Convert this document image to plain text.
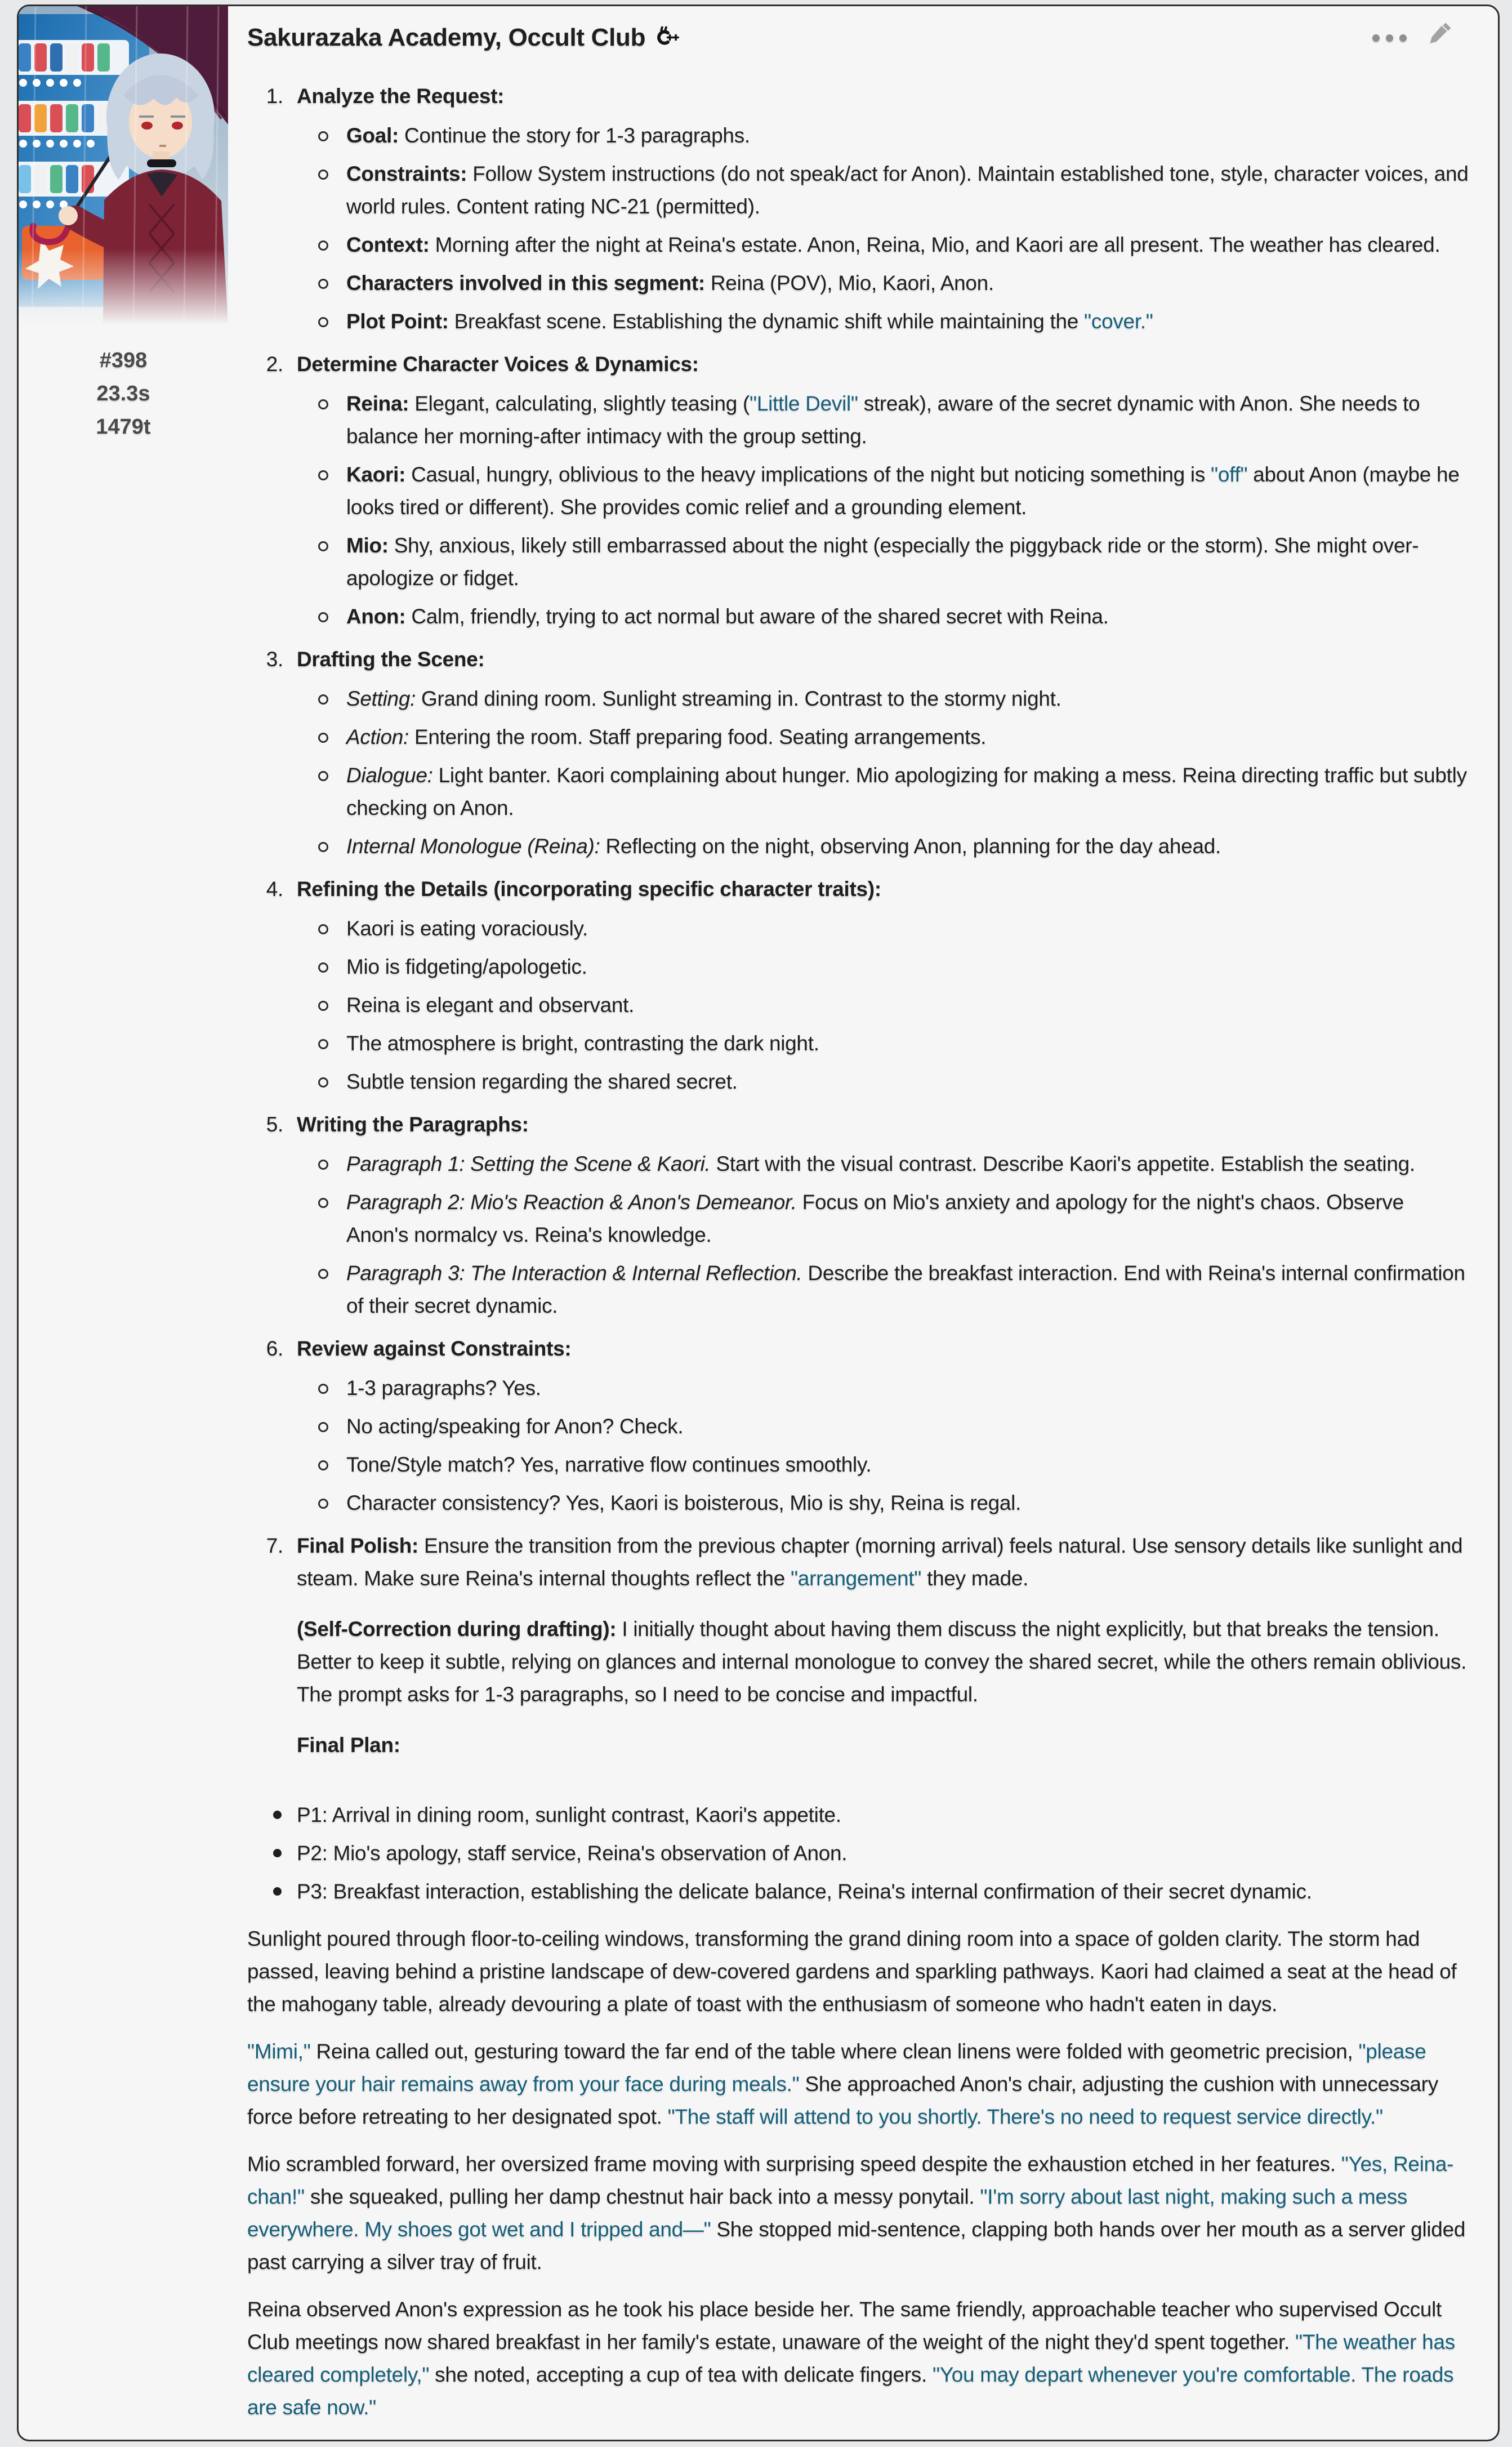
#398
23.3s
1479t
Sakurazaka Academy, Occult Club
Analyze the Request:
Goal: Continue the story for 1-3 paragraphs.
Constraints: Follow System instructions (do not speak/act for Anon). Maintain established tone, style, character voices, and world rules. Content rating NC-21 (permitted).
Context: Morning after the night at Reina's estate. Anon, Reina, Mio, and Kaori are all present. The weather has cleared.
Characters involved in this segment: Reina (POV), Mio, Kaori, Anon.
Plot Point: Breakfast scene. Establishing the dynamic shift while maintaining the "cover."
Determine Character Voices & Dynamics:
Reina: Elegant, calculating, slightly teasing ("Little Devil" streak), aware of the secret dynamic with Anon. She needs to balance her morning-after intimacy with the group setting.
Kaori: Casual, hungry, oblivious to the heavy implications of the night but noticing something is "off" about Anon (maybe he looks tired or different). She provides comic relief and a grounding element.
Mio: Shy, anxious, likely still embarrassed about the night (especially the piggyback ride or the storm). She might over-apologize or fidget.
Anon: Calm, friendly, trying to act normal but aware of the shared secret with Reina.
Drafting the Scene:
Setting: Grand dining room. Sunlight streaming in. Contrast to the stormy night.
Action: Entering the room. Staff preparing food. Seating arrangements.
Dialogue: Light banter. Kaori complaining about hunger. Mio apologizing for making a mess. Reina directing traffic but subtly checking on Anon.
Internal Monologue (Reina): Reflecting on the night, observing Anon, planning for the day ahead.
Refining the Details (incorporating specific character traits):
Kaori is eating voraciously.
Mio is fidgeting/apologetic.
Reina is elegant and observant.
The atmosphere is bright, contrasting the dark night.
Subtle tension regarding the shared secret.
Writing the Paragraphs:
Paragraph 1: Setting the Scene & Kaori. Start with the visual contrast. Describe Kaori's appetite. Establish the seating.
Paragraph 2: Mio's Reaction & Anon's Demeanor. Focus on Mio's anxiety and apology for the night's chaos. Observe Anon's normalcy vs. Reina's knowledge.
Paragraph 3: The Interaction & Internal Reflection. Describe the breakfast interaction. End with Reina's internal confirmation of their secret dynamic.
Review against Constraints:
1-3 paragraphs? Yes.
No acting/speaking for Anon? Check.
Tone/Style match? Yes, narrative flow continues smoothly.
Character consistency? Yes, Kaori is boisterous, Mio is shy, Reina is regal.
Final Polish: Ensure the transition from the previous chapter (morning arrival) feels natural. Use sensory details like sunlight and steam. Make sure Reina's internal thoughts reflect the "arrangement" they made.

(Self-Correction during drafting): I initially thought about having them discuss the night explicitly, but that breaks the tension. Better to keep it subtle, relying on glances and internal monologue to convey the shared secret, while the others remain oblivious. The prompt asks for 1-3 paragraphs, so I need to be concise and impactful.

Final Plan:

P1: Arrival in dining room, sunlight contrast, Kaori's appetite.
P2: Mio's apology, staff service, Reina's observation of Anon.
P3: Breakfast interaction, establishing the delicate balance, Reina's internal confirmation of their secret dynamic.

Sunlight poured through floor-to-ceiling windows, transforming the grand dining room into a space of golden clarity. The storm had passed, leaving behind a pristine landscape of dew-covered gardens and sparkling pathways. Kaori had claimed a seat at the head of the mahogany table, already devouring a plate of toast with the enthusiasm of someone who hadn't eaten in days.

"Mimi," Reina called out, gesturing toward the far end of the table where clean linens were folded with geometric precision, "please ensure your hair remains away from your face during meals." She approached Anon's chair, adjusting the cushion with unnecessary force before retreating to her designated spot. "The staff will attend to you shortly. There's no need to request service directly."

Mio scrambled forward, her oversized frame moving with surprising speed despite the exhaustion etched in her features. "Yes, Reina-chan!" she squeaked, pulling her damp chestnut hair back into a messy ponytail. "I'm sorry about last night, making such a mess everywhere. My shoes got wet and I tripped and—" She stopped mid-sentence, clapping both hands over her mouth as a server glided past carrying a silver tray of fruit.

Reina observed Anon's expression as he took his place beside her. The same friendly, approachable teacher who supervised Occult Club meetings now shared breakfast in her family's estate, unaware of the weight of the night they'd spent together. "The weather has cleared completely," she noted, accepting a cup of tea with delicate fingers. "You may depart whenever you're comfortable. The roads are safe now."
